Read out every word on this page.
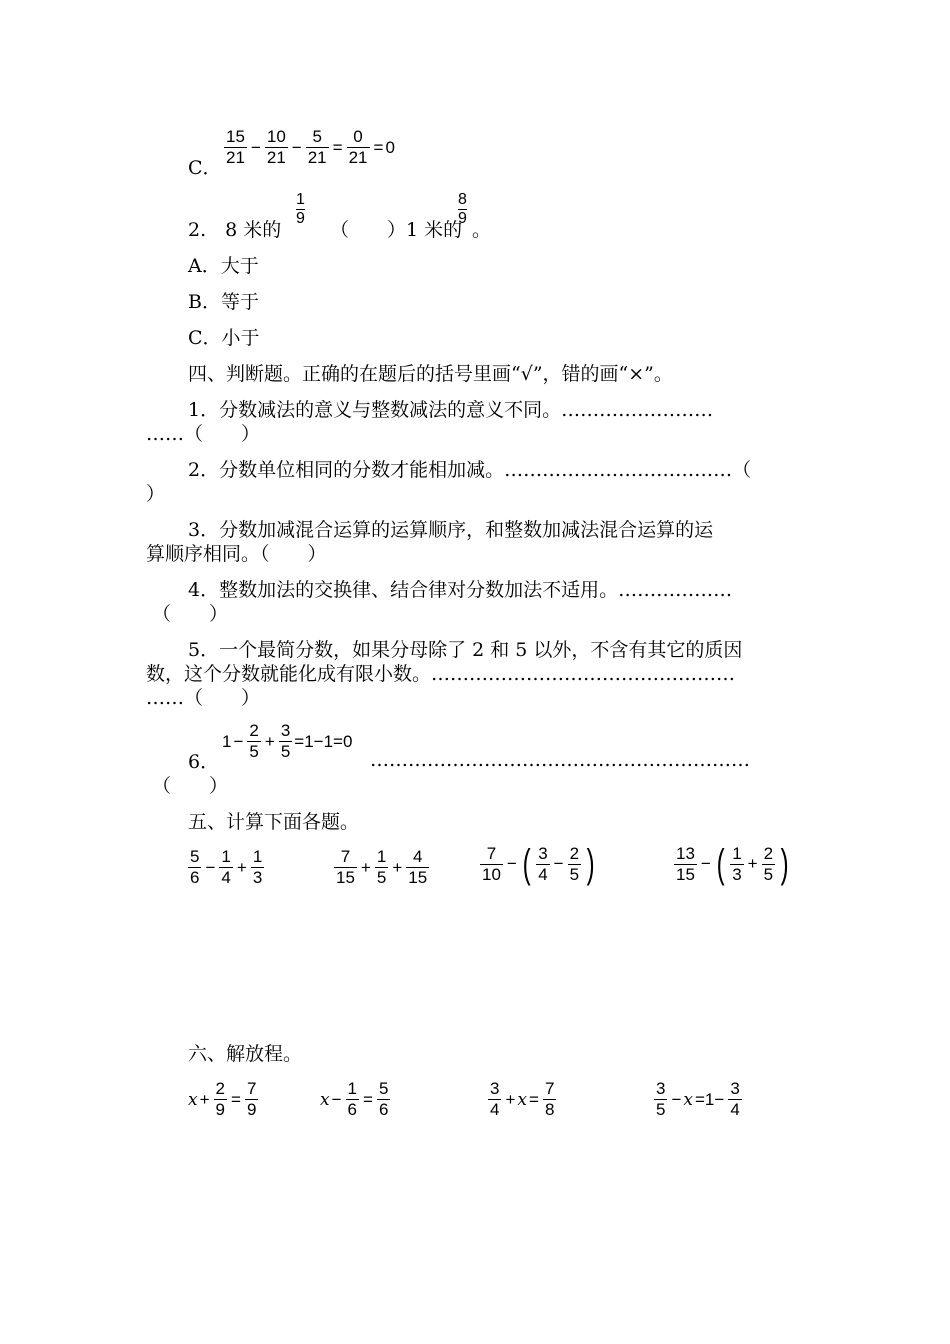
C．
$\frac{15}{21} - \frac{10}{21} - \frac{5}{21} = \frac{0}{21} = 0$
2.　8 米的
1
9
（　　）1 米的
8
9
。
A．大于
B．等于
C．小于
四、判断题。正确的在题后的括号里画“√”，错的画“×”。
1．分数减法的意义与整数减法的意义不同。……………………
……（　　）
2．分数单位相同的分数才能相加减。………………………………（
）
3．分数加减混合运算的运算顺序，和整数加减法混合运算的运
算顺序相同。（　　）
4．整数加法的交换律、结合律对分数加法不适用。………………
（　　）
5．一个最简分数，如果分母除了 2 和 5 以外，不含有其它的质因
数，这个分数就能化成有限小数。…………………………………………
……（　　）
6．
$1 - \frac{2}{5} + \frac{3}{5} =1-1=0$
……………………………………………………
（　　）
五、计算下面各题。
$\frac{5}{6} - \frac{1}{4} + \frac{1}{3}$	$\frac{7}{15} + \frac{1}{5} + \frac{4}{15}$	$\frac{7}{10}$ − ( $\frac{3}{4} - \frac{2}{5}$ )	$\frac{13}{15}$ − ( $\frac{1}{3} + \frac{2}{5}$ )
六、解放程。
$x + \frac{2}{9} = \frac{7}{9}$	$x - \frac{1}{6} = \frac{5}{6}$	$\frac{3}{4} + x = \frac{7}{8}$	$\frac{3}{5} - x =1- \frac{3}{4}$
